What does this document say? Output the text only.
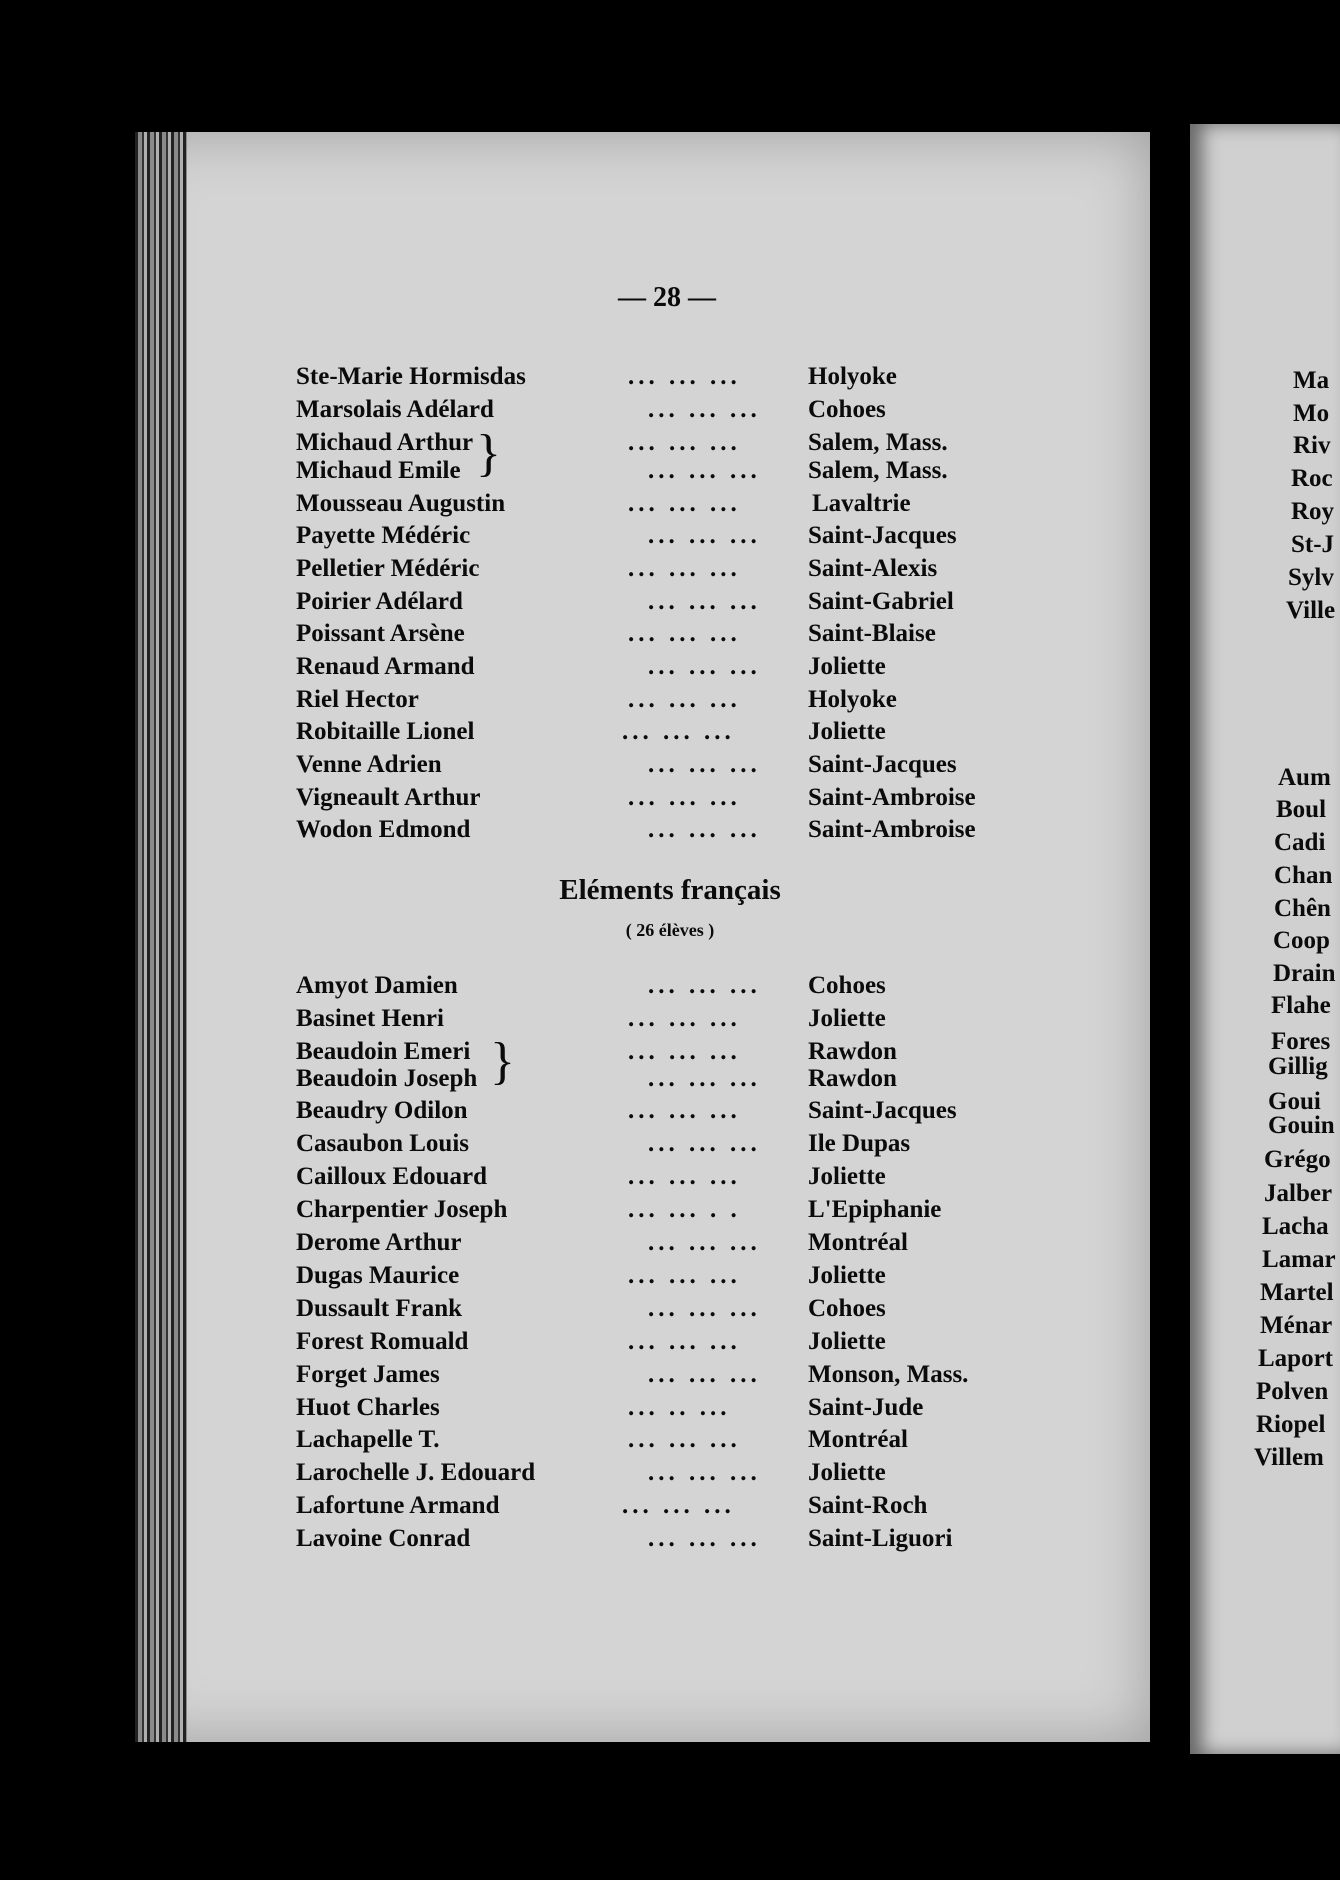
Ma
Mo
Riv
Roc
Roy
St-J
Sylv
Ville
Aum
Boul
Cadi
Chan
Chên
Coop
Drain
Flahe
Fores
Gillig
Goui
Gouin
Grégo
Jalber
Lacha
Lamar
Martel
Ménar
Laport
Polven
Riopel
Villem
— 28 —
Ste-Marie Hormisdas	... ... ...	Holyoke
Marsolais Adélard	... ... ... Cohoes
Michaud Arthur	... ... ...	Salem, Mass.
Michaud Emile	... ... ... Salem, Mass.
}
Mousseau Augustin	... ... ...	Lavaltrie
Payette Médéric	... ... ... Saint-Jacques
Pelletier Médéric	... ... ...	Saint-Alexis
Poirier Adélard	... ... ... Saint-Gabriel
Poissant Arsène	... ... ...	Saint-Blaise
Renaud Armand	... ... ... Joliette
Riel Hector	... ... ...	Holyoke
Robitaille Lionel	... ... ...	Joliette
Venne Adrien	... ... ... Saint-Jacques
Vigneault Arthur	... ... ...	Saint-Ambroise
Wodon Edmond	... ... ... Saint-Ambroise
Eléments français
( 26 élèves )
Amyot Damien	... ... ... Cohoes
Basinet Henri	... ... ...	Joliette
Beaudoin Emeri	... ... ...	Rawdon
Beaudoin Joseph	... ... ... Rawdon
}
Beaudry Odilon	... ... ...	Saint-Jacques
Casaubon Louis	... ... ... Ile Dupas
Cailloux Edouard	... ... ...	Joliette
Charpentier Joseph	... ... . .	L'Epiphanie
Derome Arthur	... ... ... Montréal
Dugas Maurice	... ... ...	Joliette
Dussault Frank	... ... ... Cohoes
Forest Romuald	... ... ...	Joliette
Forget James	... ... ... Monson, Mass.
Huot Charles	... .. ...	Saint-Jude
Lachapelle T.	... ... ...	Montréal
Larochelle J. Edouard	... ... ... Joliette
Lafortune Armand	... ... ...	Saint-Roch
Lavoine Conrad	... ... ... Saint-Liguori
